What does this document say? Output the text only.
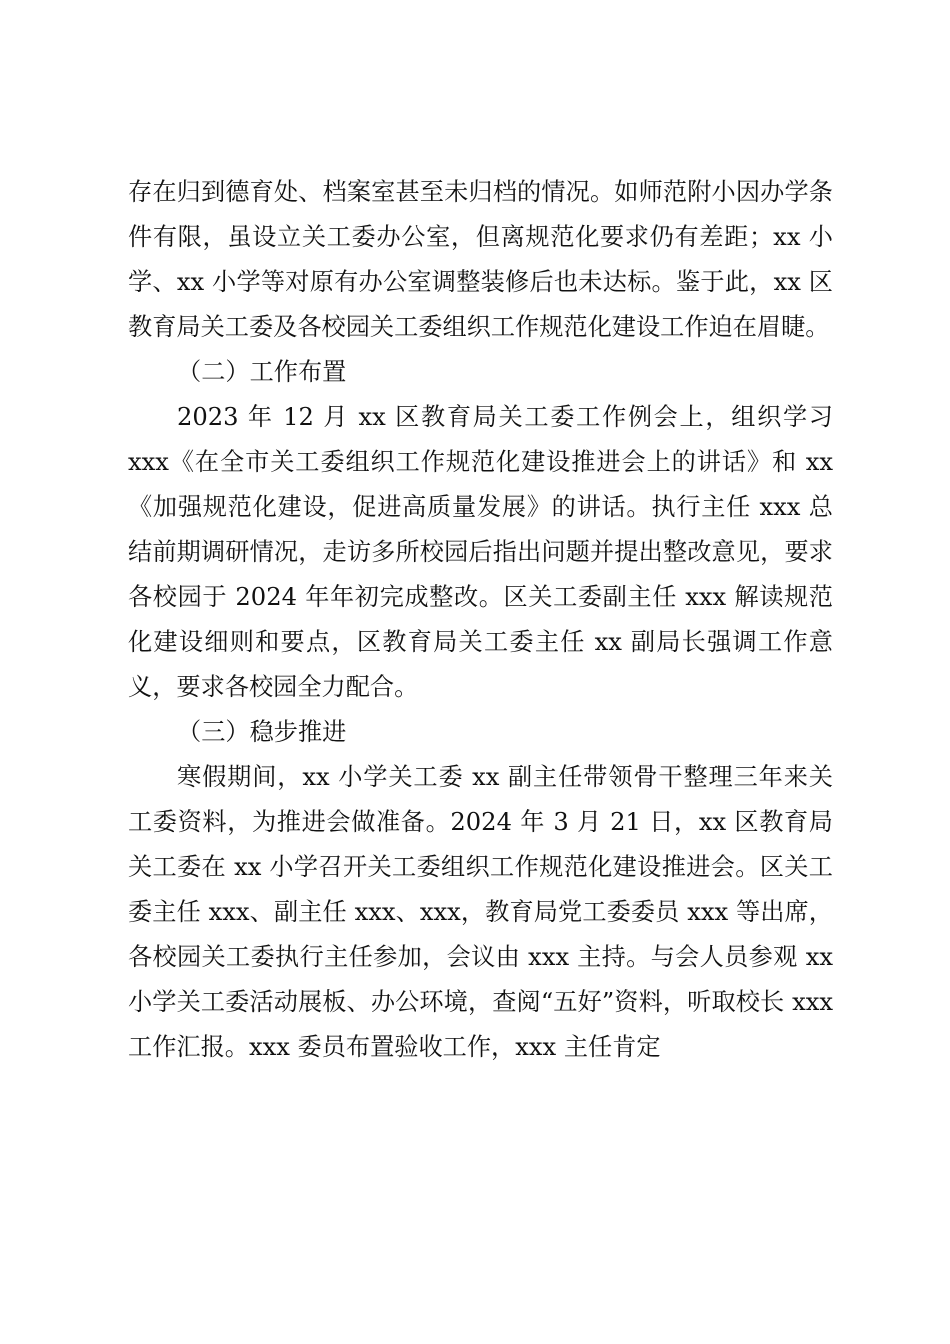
存在归到德育处、档案室甚至未归档的情况。如师范附小因办学条件有限，虽设立关工委办公室，但离规范化要求仍有差距；xx 小学、xx 小学等对原有办公室调整装修后也未达标。鉴于此，xx 区教育局关工委及各校园关工委组织工作规范化建设工作迫在眉睫。

（二）工作布置

2023 年 12 月 xx 区教育局关工委工作例会上，组织学习 xxx《在全市关工委组织工作规范化建设推进会上的讲话》和 xx《加强规范化建设，促进高质量发展》的讲话。执行主任 xxx 总结前期调研情况，走访多所校园后指出问题并提出整改意见，要求各校园于 2024 年年初完成整改。区关工委副主任 xxx 解读规范化建设细则和要点，区教育局关工委主任 xx 副局长强调工作意义，要求各校园全力配合。

（三）稳步推进

寒假期间，xx 小学关工委 xx 副主任带领骨干整理三年来关工委资料，为推进会做准备。2024 年 3 月 21 日，xx 区教育局关工委在 xx 小学召开关工委组织工作规范化建设推进会。区关工委主任 xxx、副主任 xxx、xxx，教育局党工委委员 xxx 等出席，各校园关工委执行主任参加，会议由 xxx 主持。与会人员参观 xx 小学关工委活动展板、办公环境，查阅“五好”资料，听取校长 xxx 工作汇报。xxx 委员布置验收工作，xxx 主任肯定
